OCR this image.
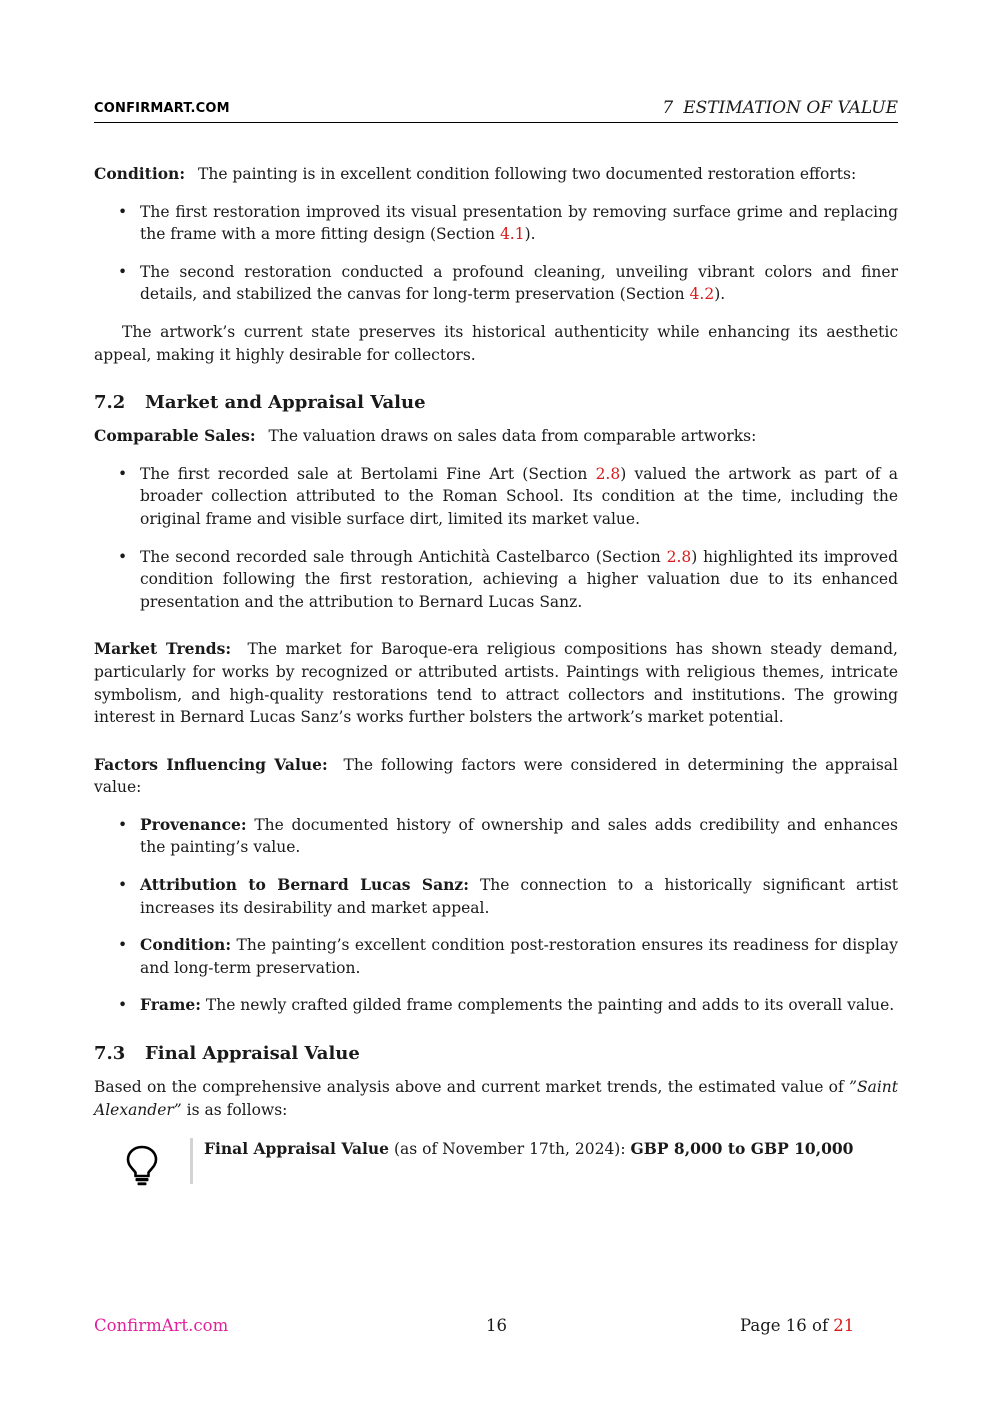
CONFIRMART.COM	7 ESTIMATION OF VALUE

Condition: The painting is in excellent condition following two documented restoration efforts:

• The first restoration improved its visual presentation by removing surface grime and replacing the frame with a more fitting design (Section 4.1).
• The second restoration conducted a profound cleaning, unveiling vibrant colors and finer details, and stabilized the canvas for long-term preservation (Section 4.2).

The artwork’s current state preserves its historical authenticity while enhancing its aesthetic appeal, making it highly desirable for collectors.

7.2 Market and Appraisal Value

Comparable Sales: The valuation draws on sales data from comparable artworks:

• The first recorded sale at Bertolami Fine Art (Section 2.8) valued the artwork as part of a broader collection attributed to the Roman School. Its condition at the time, including the original frame and visible surface dirt, limited its market value.
• The second recorded sale through Antichità Castelbarco (Section 2.8) highlighted its improved condition following the first restoration, achieving a higher valuation due to its enhanced presentation and the attribution to Bernard Lucas Sanz.

Market Trends: The market for Baroque-era religious compositions has shown steady demand, particularly for works by recognized or attributed artists. Paintings with religious themes, intricate symbolism, and high-quality restorations tend to attract collectors and institutions. The growing interest in Bernard Lucas Sanz’s works further bolsters the artwork’s market potential.

Factors Influencing Value: The following factors were considered in determining the appraisal value:

• Provenance: The documented history of ownership and sales adds credibility and enhances the painting’s value.
• Attribution to Bernard Lucas Sanz: The connection to a historically significant artist increases its desirability and market appeal.
• Condition: The painting’s excellent condition post-restoration ensures its readiness for display and long-term preservation.
• Frame: The newly crafted gilded frame complements the painting and adds to its overall value.
7.3 Final Appraisal Value

Based on the comprehensive analysis above and current market trends, the estimated value of ”Saint Alexander” is as follows:

Final Appraisal Value (as of November 17th, 2024): GBP 8,000 to GBP 10,000
ConfirmArt.com	16	Page 16 of 21
